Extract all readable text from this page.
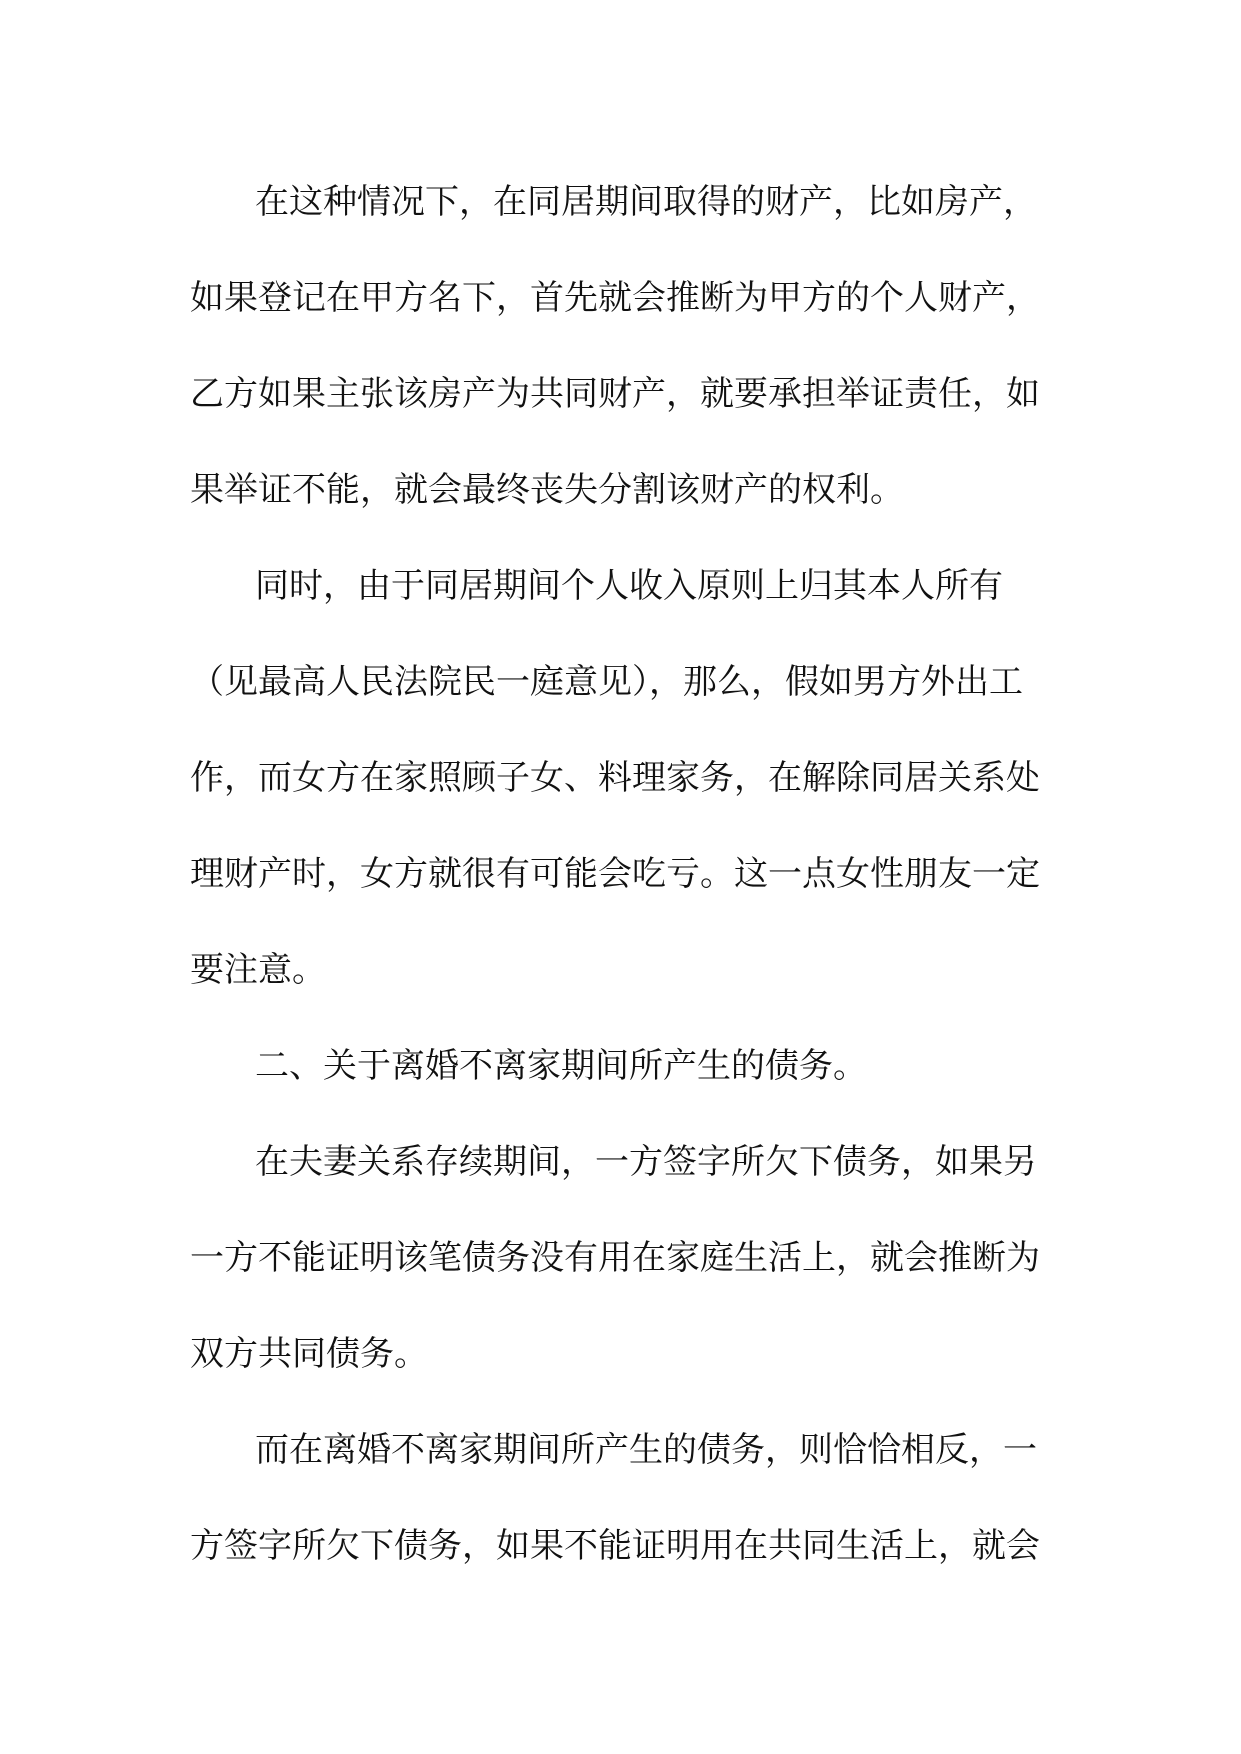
在这种情况下，在同居期间取得的财产，比如房产，
如果登记在甲方名下，首先就会推断为甲方的个人财产，
乙方如果主张该房产为共同财产，就要承担举证责任，如
果举证不能，就会最终丧失分割该财产的权利。
同时，由于同居期间个人收入原则上归其本人所有
（见最高人民法院民一庭意见），那么，假如男方外出工
作，而女方在家照顾子女、料理家务，在解除同居关系处
理财产时，女方就很有可能会吃亏。这一点女性朋友一定
要注意。
二、关于离婚不离家期间所产生的债务。
在夫妻关系存续期间，一方签字所欠下债务，如果另
一方不能证明该笔债务没有用在家庭生活上，就会推断为
双方共同债务。
而在离婚不离家期间所产生的债务，则恰恰相反，一
方签字所欠下债务，如果不能证明用在共同生活上，就会
